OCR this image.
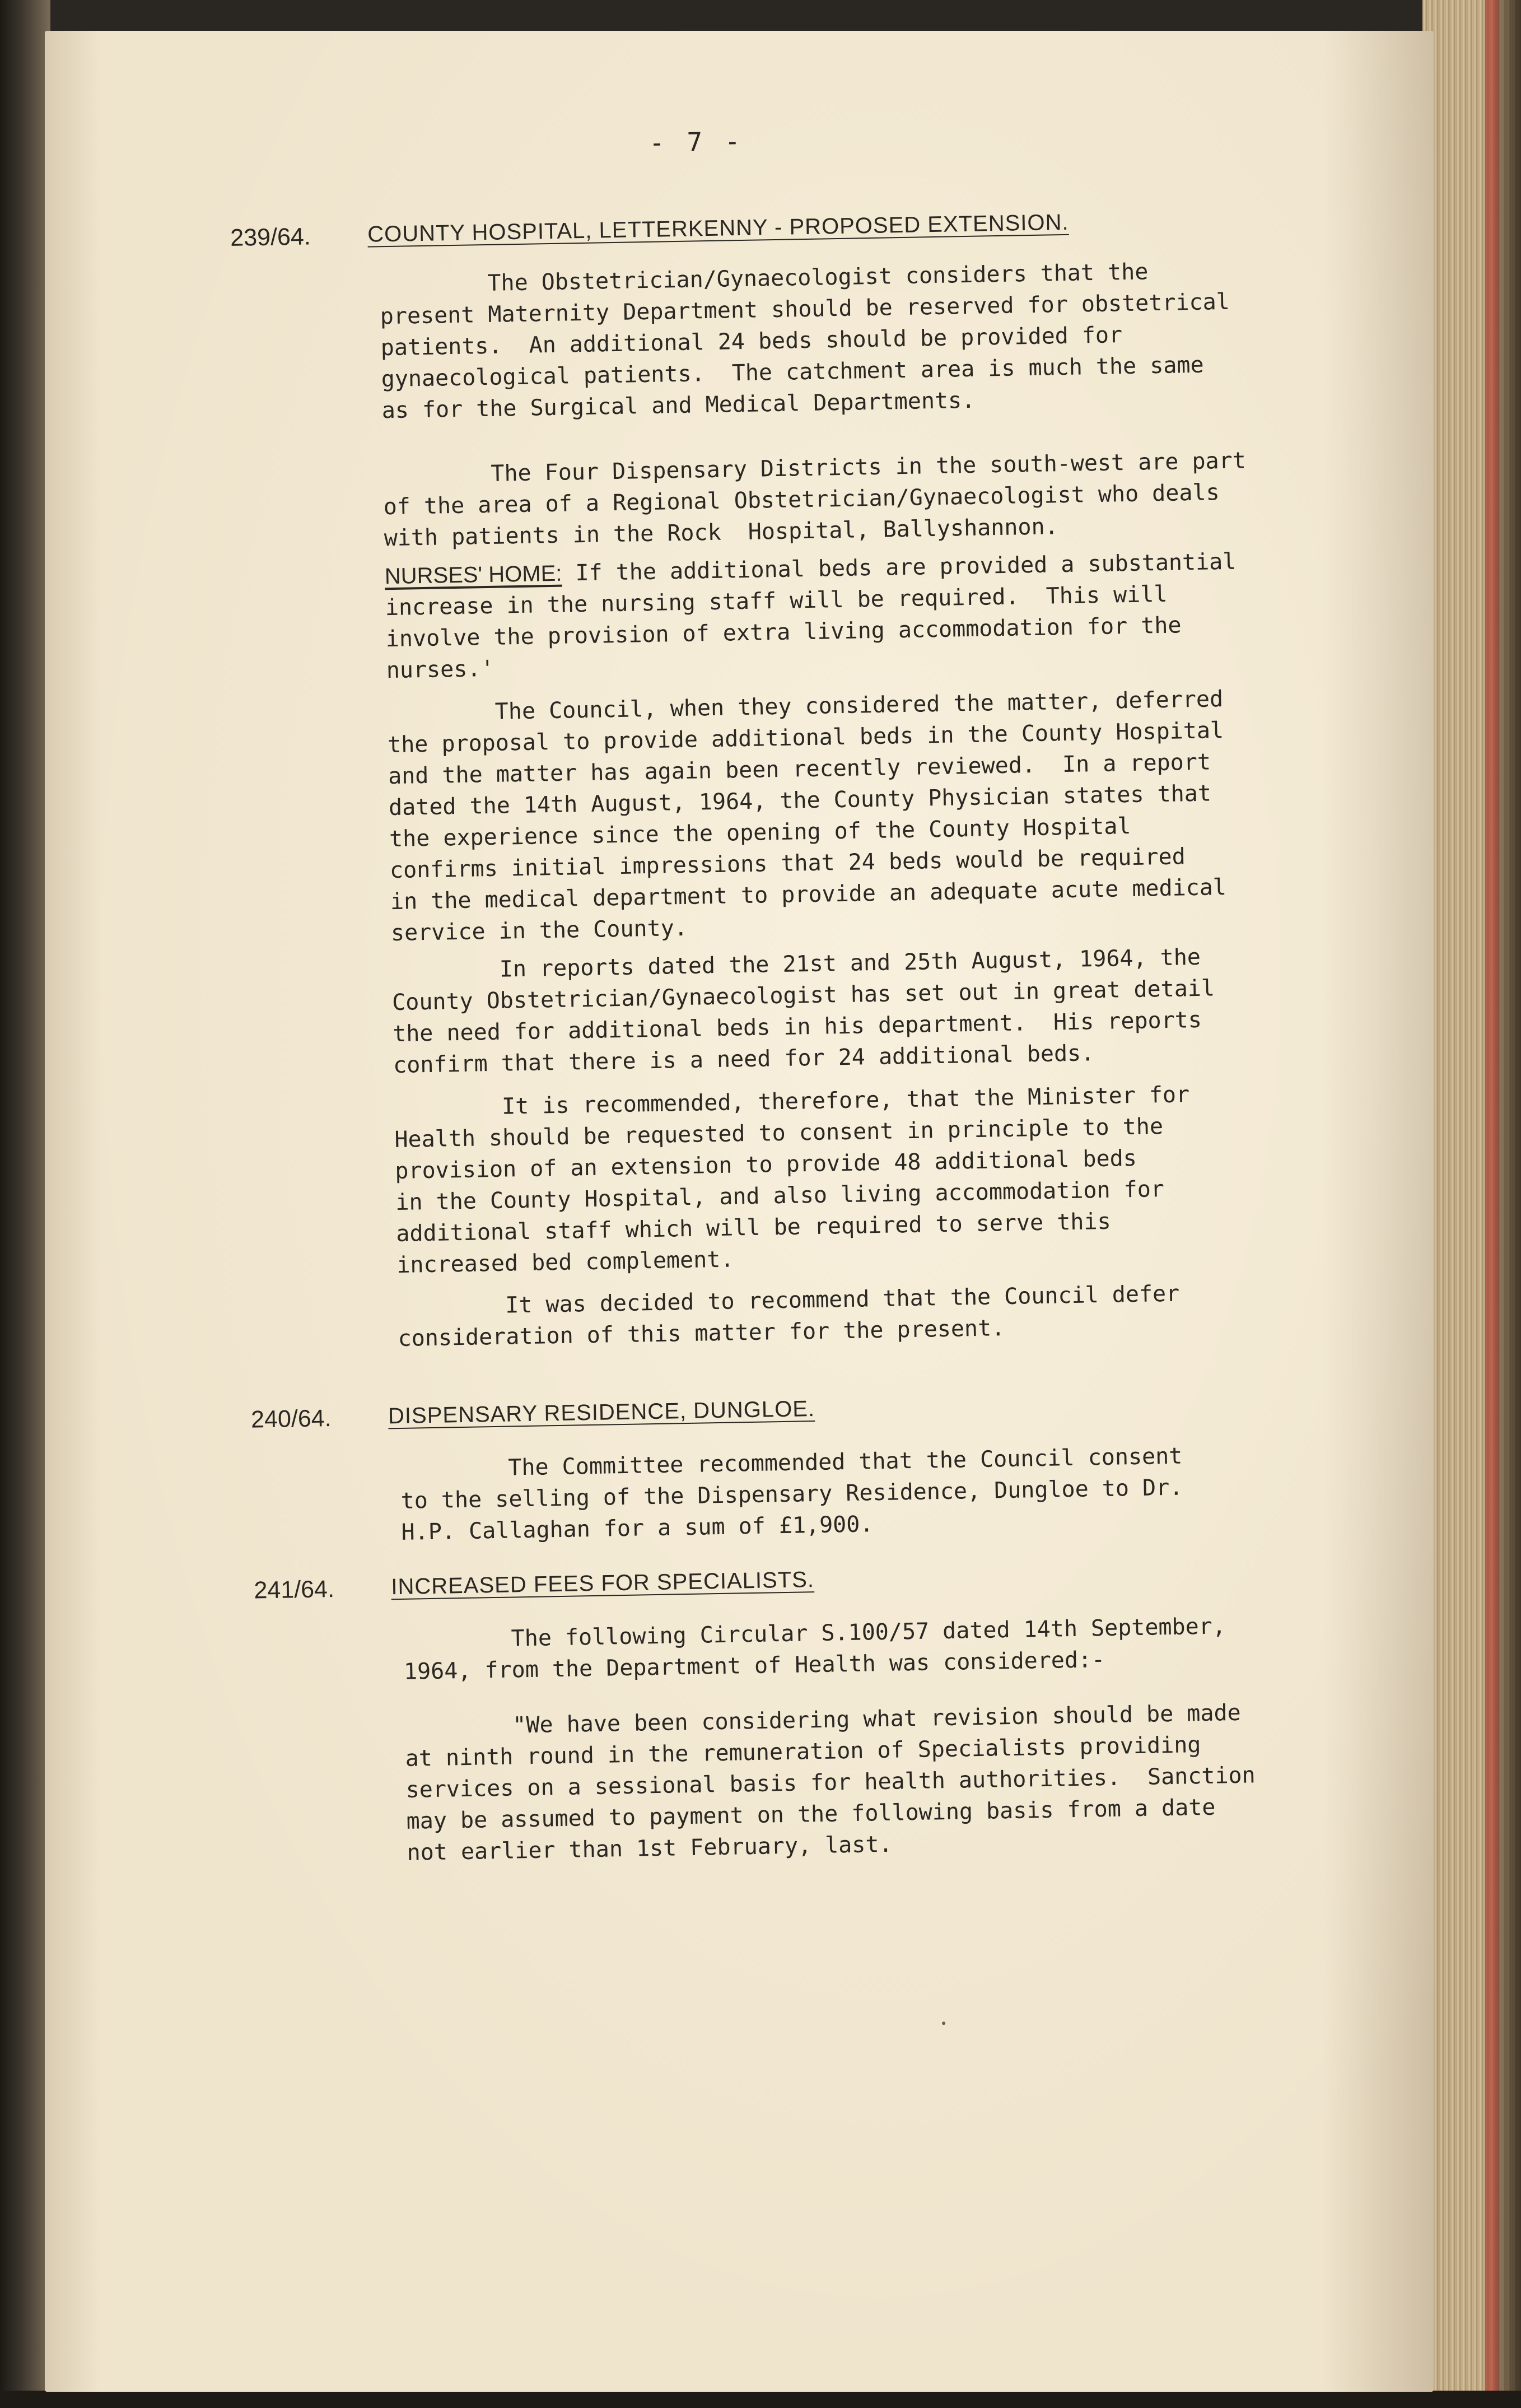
- 7 -
239/64.	COUNTY HOSPITAL, LETTERKENNY - PROPOSED EXTENSION.
The Obstetrician/Gynaecologist considers that the
present Maternity Department should be reserved for obstetrical
patients.  An additional 24 beds should be provided for
gynaecological patients.  The catchment area is much the same
as for the Surgical and Medical Departments.
The Four Dispensary Districts in the south-west are part
of the area of a Regional Obstetrician/Gynaecologist who deals
with patients in the Rock  Hospital, Ballyshannon.
NURSES' HOME: If the additional beds are provided a substantial
increase in the nursing staff will be required.  This will
involve the provision of extra living accommodation for the
nurses.'
The Council, when they considered the matter, deferred
the proposal to provide additional beds in the County Hospital
and the matter has again been recently reviewed.  In a report
dated the 14th August, 1964, the County Physician states that
the experience since the opening of the County Hospital
confirms initial impressions that 24 beds would be required
in the medical department to provide an adequate acute medical
service in the County.
In reports dated the 21st and 25th August, 1964, the
County Obstetrician/Gynaecologist has set out in great detail
the need for additional beds in his department.  His reports
confirm that there is a need for 24 additional beds.
It is recommended, therefore, that the Minister for
Health should be requested to consent in principle to the
provision of an extension to provide 48 additional beds
in the County Hospital, and also living accommodation for
additional staff which will be required to serve this
increased bed complement.
It was decided to recommend that the Council defer
consideration of this matter for the present.
240/64.	DISPENSARY RESIDENCE, DUNGLOE.
The Committee recommended that the Council consent
to the selling of the Dispensary Residence, Dungloe to Dr.
H.P. Callaghan for a sum of £1,900.
241/64.	INCREASED FEES FOR SPECIALISTS.
The following Circular S.100/57 dated 14th September,
1964, from the Department of Health was considered:-
"We have been considering what revision should be made
at ninth round in the remuneration of Specialists providing
services on a sessional basis for health authorities.  Sanction
may be assumed to payment on the following basis from a date
not earlier than 1st February, last.
